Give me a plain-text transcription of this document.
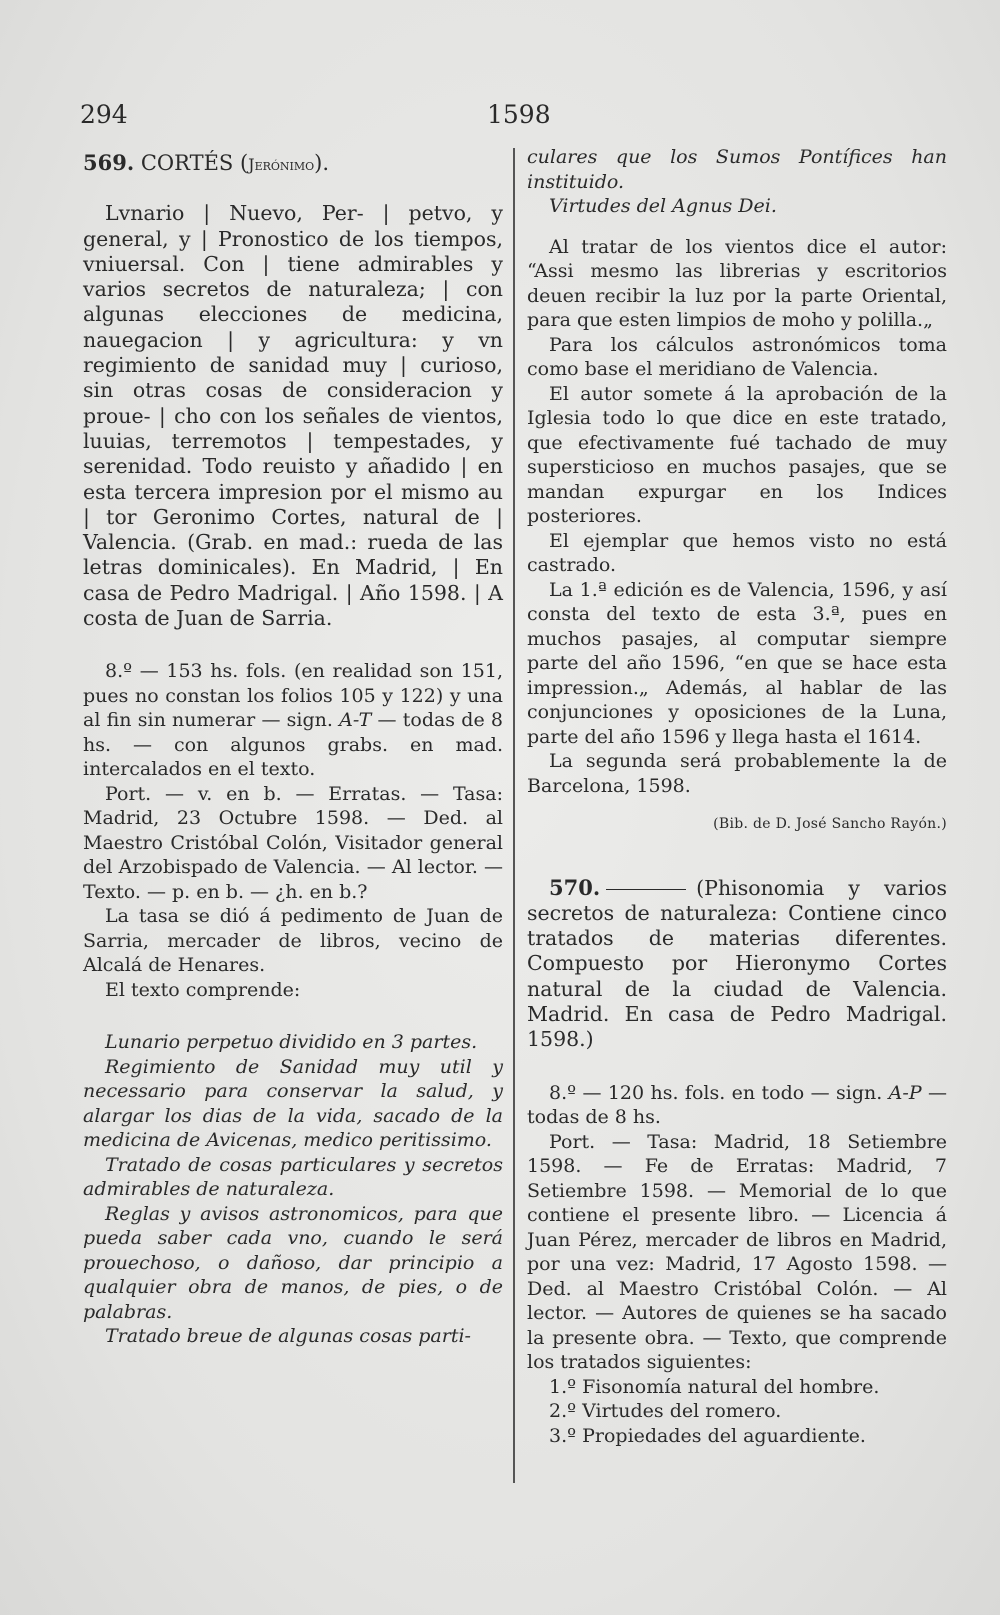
294	1598
569. CORTÉS (Jerónimo).

Lvnario | Nuevo, Per- | petvo, y general, y | Pronostico de los tiempos, vniuersal. Con | tiene admirables y varios secretos de naturaleza; | con algunas elecciones de medicina, nauegacion | y agricultura: y vn regimiento de sanidad muy | curioso, sin otras cosas de consideracion y proue- | cho con los señales de vientos, luuias, terremotos | tempestades, y serenidad. Todo reuisto y añadido | en esta tercera impresion por el mismo au | tor Geronimo Cortes, natural de | Valencia. (Grab. en mad.: rueda de las letras dominicales). En Madrid, | En casa de Pedro Madrigal. | Año 1598. | A costa de Juan de Sarria.

8.º — 153 hs. fols. (en realidad son 151, pues no constan los folios 105 y 122) y una al fin sin numerar — sign. A-T — todas de 8 hs. — con algunos grabs. en mad. intercalados en el texto.

Port. — v. en b. — Erratas. — Tasa: Madrid, 23 Octubre 1598. — Ded. al Maestro Cristóbal Colón, Visitador general del Arzobispado de Valencia. — Al lector. — Texto. — p. en b. — ¿h. en b.?

La tasa se dió á pedimento de Juan de Sarria, mercader de libros, vecino de Alcalá de Henares.

El texto comprende:

Lunario perpetuo dividido en 3 partes.

Regimiento de Sanidad muy util y necessario para conservar la salud, y alargar los dias de la vida, sacado de la medicina de Avicenas, medico peritissimo.

Tratado de cosas particulares y secretos admirables de naturaleza.

Reglas y avisos astronomicos, para que pueda saber cada vno, cuando le será prouechoso, o dañoso, dar principio a qualquier obra de manos, de pies, o de palabras.

Tratado breue de algunas cosas parti-

culares que los Sumos Pontífices han instituido.

Virtudes del Agnus Dei.

Al tratar de los vientos dice el autor: “Assi mesmo las librerias y escritorios deuen recibir la luz por la parte Oriental, para que esten limpios de moho y polilla.„

Para los cálculos astronómicos toma como base el meridiano de Valencia.

El autor somete á la aprobación de la Iglesia todo lo que dice en este tratado, que efectivamente fué tachado de muy supersticioso en muchos pasajes, que se mandan expurgar en los Indices posteriores.

El ejemplar que hemos visto no está castrado.

La 1.ª edición es de Valencia, 1596, y así consta del texto de esta 3.ª, pues en muchos pasajes, al computar siempre parte del año 1596, “en que se hace esta impression.„ Además, al hablar de las conjunciones y oposiciones de la Luna, parte del año 1596 y llega hasta el 1614.

La segunda será probablemente la de Barcelona, 1598.

(Bib. de D. José Sancho Rayón.)

570.	(Phisonomia y varios secretos de naturaleza: Contiene cinco tratados de materias diferentes. Compuesto por Hieronymo Cortes natural de la ciudad de Valencia. Madrid. En casa de Pedro Madrigal. 1598.)

8.º — 120 hs. fols. en todo — sign. A-P — todas de 8 hs.

Port. — Tasa: Madrid, 18 Setiembre 1598. — Fe de Erratas: Madrid, 7 Setiembre 1598. — Memorial de lo que contiene el presente libro. — Licencia á Juan Pérez, mercader de libros en Madrid, por una vez: Madrid, 17 Agosto 1598. — Ded. al Maestro Cristóbal Colón. — Al lector. — Autores de quienes se ha sacado la presente obra. — Texto, que comprende los tratados siguientes:

1.º Fisonomía natural del hombre.

2.º Virtudes del romero.

3.º Propiedades del aguardiente.
